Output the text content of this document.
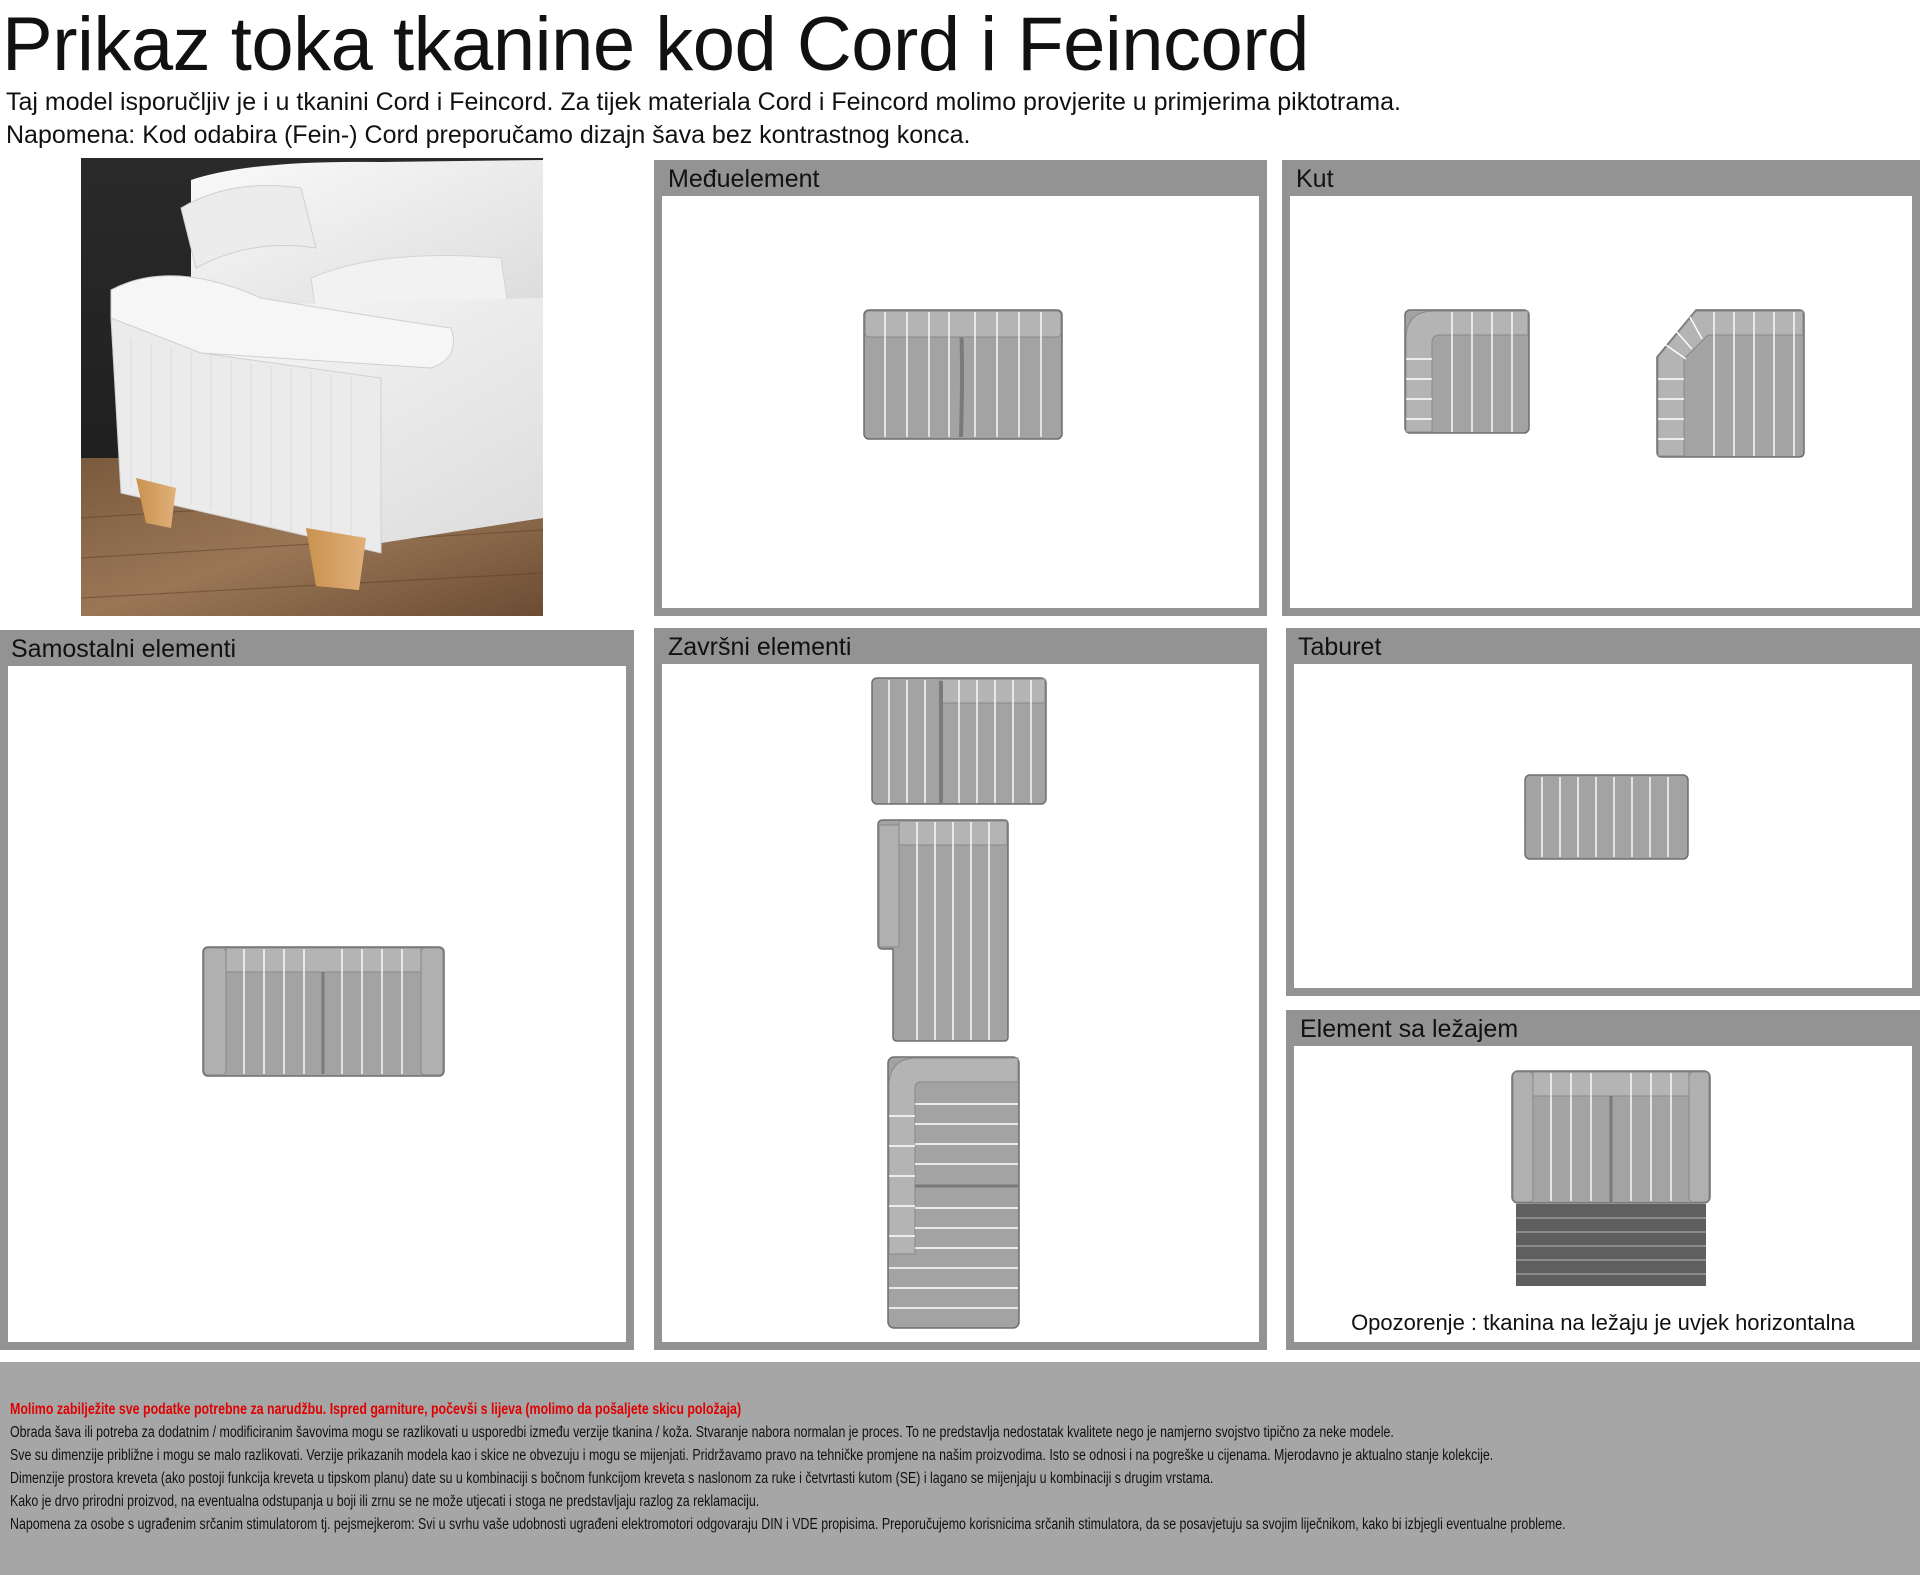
Prikaz toka tkanine kod Cord i Feincord
Taj model isporučljiv je i u tkanini Cord i Feincord. Za tijek materiala Cord i Feincord molimo provjerite u primjerima piktotrama.
Napomena: Kod odabira (Fein-) Cord preporučamo dizajn šava bez kontrastnog konca.
Međuelement	Kut
Samostalni elementi	Završni elementi	Taburet
Element sa ležajem
Opozorenje : tkanina na ležaju je uvjek horizontalna
Molimo zabilježite sve podatke potrebne za narudžbu. Ispred garniture, počevši s lijeva (molimo da pošaljete skicu položaja)
Obrada šava ili potreba za dodatnim / modificiranim šavovima mogu se razlikovati u usporedbi između verzije tkanina / koža. Stvaranje nabora normalan je proces. To ne predstavlja nedostatak kvalitete nego je namjerno svojstvo tipično za neke modele.
Sve su dimenzije približne i mogu se malo razlikovati. Verzije prikazanih modela kao i skice ne obvezuju i mogu se mijenjati. Pridržavamo pravo na tehničke promjene na našim proizvodima. Isto se odnosi i na pogreške u cijenama. Mjerodavno je aktualno stanje kolekcije.
Dimenzije prostora kreveta (ako postoji funkcija kreveta u tipskom planu) date su u kombinaciji s bočnom funkcijom kreveta s naslonom za ruke i četvrtasti kutom (SE) i lagano se mijenjaju u kombinaciji s drugim vrstama.
Kako je drvo prirodni proizvod, na eventualna odstupanja u boji ili zrnu se ne može utjecati i stoga ne predstavljaju razlog za reklamaciju.
Napomena za osobe s ugrađenim srčanim stimulatorom tj. pejsmejkerom: Svi u svrhu vaše udobnosti ugrađeni elektromotori odgovaraju DIN i VDE propisima. Preporučujemo korisnicima srčanih stimulatora, da se posavjetuju sa svojim liječnikom, kako bi izbjegli eventualne probleme.
